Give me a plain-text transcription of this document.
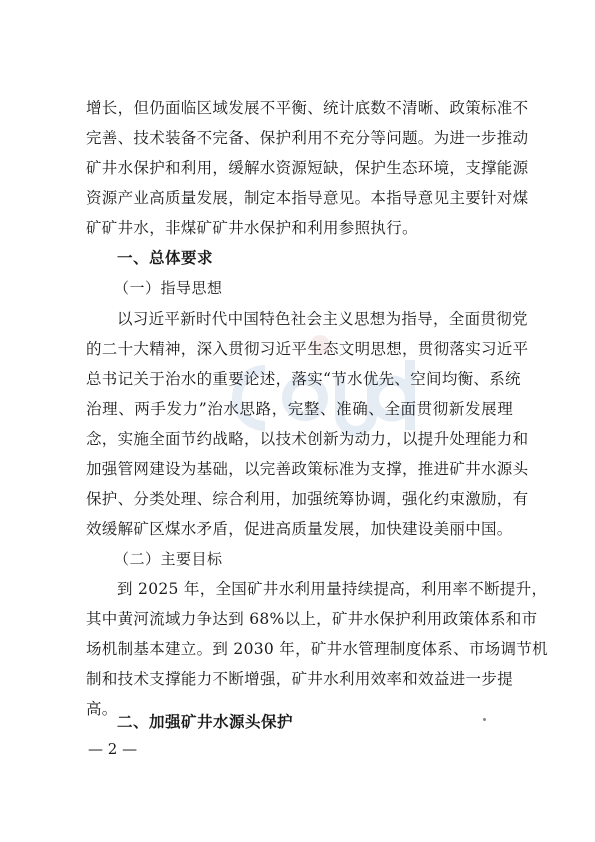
增长，但仍面临区域发展不平衡、统计底数不清晰、政策标准不
完善、技术装备不完备、保护利用不充分等问题。为进一步推动
矿井水保护和利用，缓解水资源短缺，保护生态环境，支撑能源
资源产业高质量发展，制定本指导意见。本指导意见主要针对煤
矿矿井水，非煤矿矿井水保护和利用参照执行。
一、总体要求
（一）指导思想
以习近平新时代中国特色社会主义思想为指导，全面贯彻党
的二十大精神，深入贯彻习近平生态文明思想，贯彻落实习近平
总书记关于治水的重要论述，落实“节水优先、空间均衡、系统
治理、两手发力”治水思路，完整、准确、全面贯彻新发展理
念，实施全面节约战略，以技术创新为动力，以提升处理能力和
加强管网建设为基础，以完善政策标准为支撑，推进矿井水源头
保护、分类处理、综合利用，加强统筹协调，强化约束激励，有
效缓解矿区煤水矛盾，促进高质量发展，加快建设美丽中国。
（二）主要目标
到 2025 年，全国矿井水利用量持续提高，利用率不断提升，
其中黄河流域力争达到 68%以上，矿井水保护利用政策体系和市
场机制基本建立。到 2030 年，矿井水管理制度体系、市场调节机
制和技术支撑能力不断增强，矿井水利用效率和效益进一步提
高。
二、加强矿井水源头保护
— 2 —
